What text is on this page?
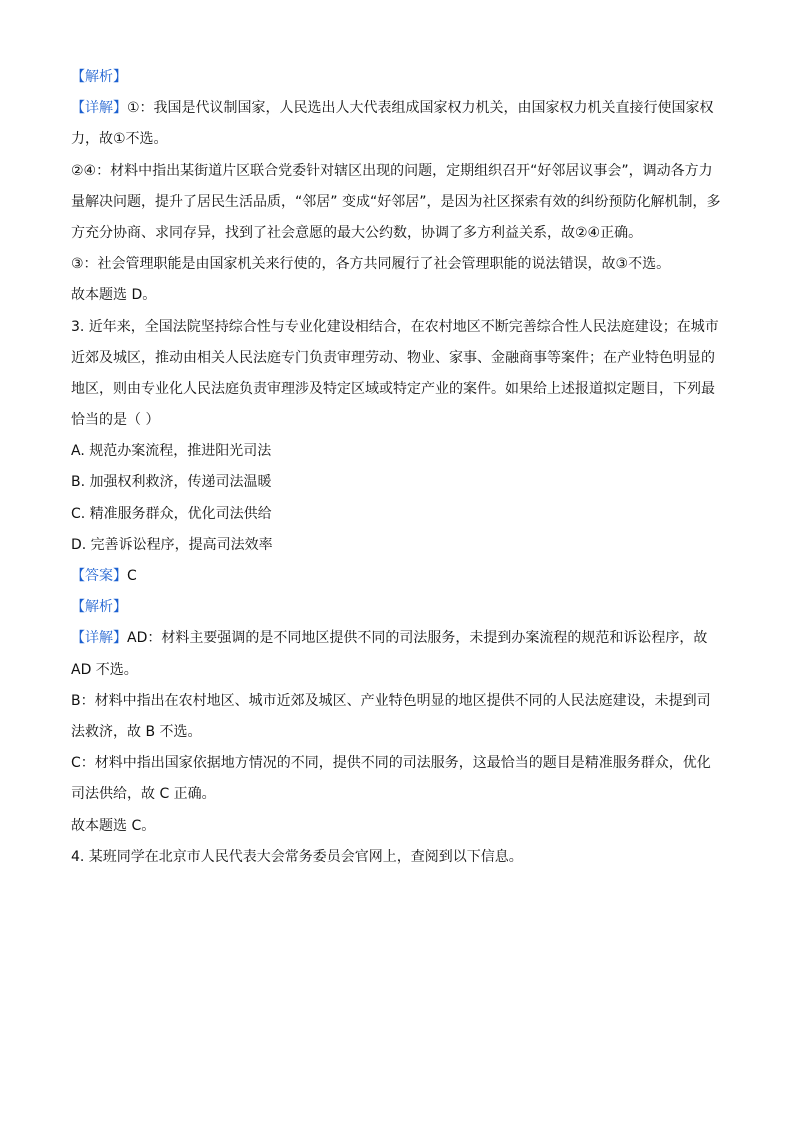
【解析】
【详解】①：我国是代议制国家，人民选出人大代表组成国家权力机关，由国家权力机关直接行使国家权
力，故①不选。
②④：材料中指出某街道片区联合党委针对辖区出现的问题，定期组织召开“好邻居议事会”，调动各方力
量解决问题，提升了居民生活品质，“邻居” 变成“好邻居”，是因为社区探索有效的纠纷预防化解机制，多
方充分协商、求同存异，找到了社会意愿的最大公约数，协调了多方利益关系，故②④正确。
③：社会管理职能是由国家机关来行使的，各方共同履行了社会管理职能的说法错误，故③不选。
故本题选 D。
3. 近年来，全国法院坚持综合性与专业化建设相结合，在农村地区不断完善综合性人民法庭建设；在城市
近郊及城区，推动由相关人民法庭专门负责审理劳动、物业、家事、金融商事等案件；在产业特色明显的
地区，则由专业化人民法庭负责审理涉及特定区域或特定产业的案件。如果给上述报道拟定题目，下列最
恰当的是（ ）
A. 规范办案流程，推进阳光司法
B. 加强权利救济，传递司法温暖
C. 精准服务群众，优化司法供给
D. 完善诉讼程序，提高司法效率
【答案】C
【解析】
【详解】AD：材料主要强调的是不同地区提供不同的司法服务，未提到办案流程的规范和诉讼程序，故
AD 不选。
B：材料中指出在农村地区、城市近郊及城区、产业特色明显的地区提供不同的人民法庭建设，未提到司
法救济，故 B 不选。
C：材料中指出国家依据地方情况的不同，提供不同的司法服务，这最恰当的题目是精准服务群众，优化
司法供给，故 C 正确。
故本题选 C。
4. 某班同学在北京市人民代表大会常务委员会官网上，查阅到以下信息。
